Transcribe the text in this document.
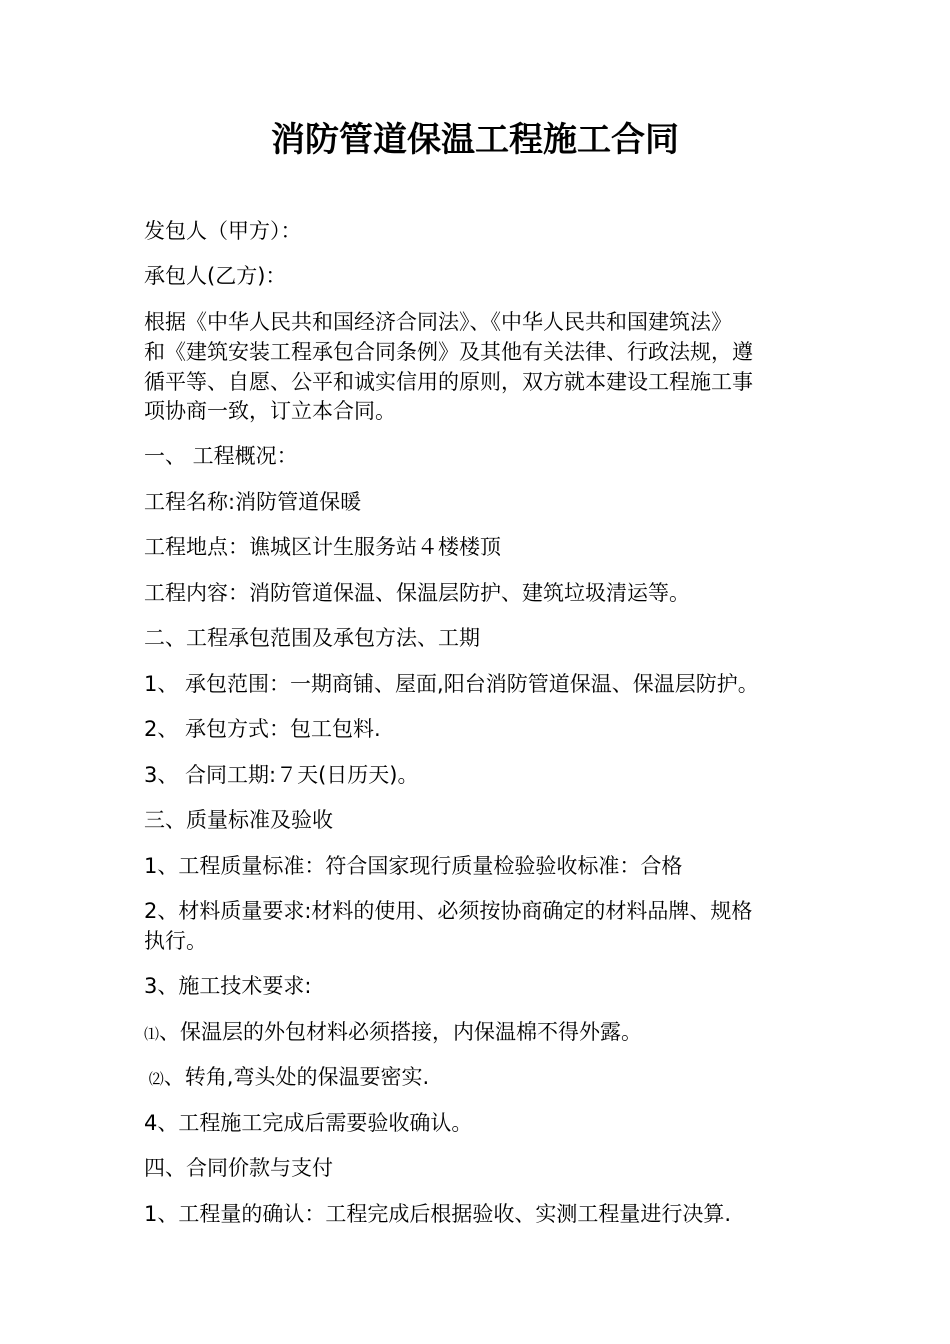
消防管道保温工程施工合同
发包人（甲方）：
承包人(乙方)：
根据《中华人民共和国经济合同法》、《中华人民共和国建筑法》
和《建筑安装工程承包合同条例》及其他有关法律、行政法规，遵
循平等、自愿、公平和诚实信用的原则，双方就本建设工程施工事
项协商一致，订立本合同。
一、 工程概况：
工程名称:消防管道保暖
工程地点：谯城区计生服务站４楼楼顶
工程内容：消防管道保温、保温层防护、建筑垃圾清运等。
二、工程承包范围及承包方法、工期
1、 承包范围：一期商铺、屋面,阳台消防管道保温、保温层防护。
2、 承包方式：包工包料.
3、 合同工期:７天(日历天)。
三、质量标准及验收
1、工程质量标准：符合国家现行质量检验验收标准：合格
2、材料质量要求:材料的使用、必须按协商确定的材料品牌、规格
执行。
3、施工技术要求:
⑴、保温层的外包材料必须搭接，内保温棉不得外露。
⑵、转角,弯头处的保温要密实.
4、工程施工完成后需要验收确认。
四、合同价款与支付
1、工程量的确认：工程完成后根据验收、实测工程量进行决算.
